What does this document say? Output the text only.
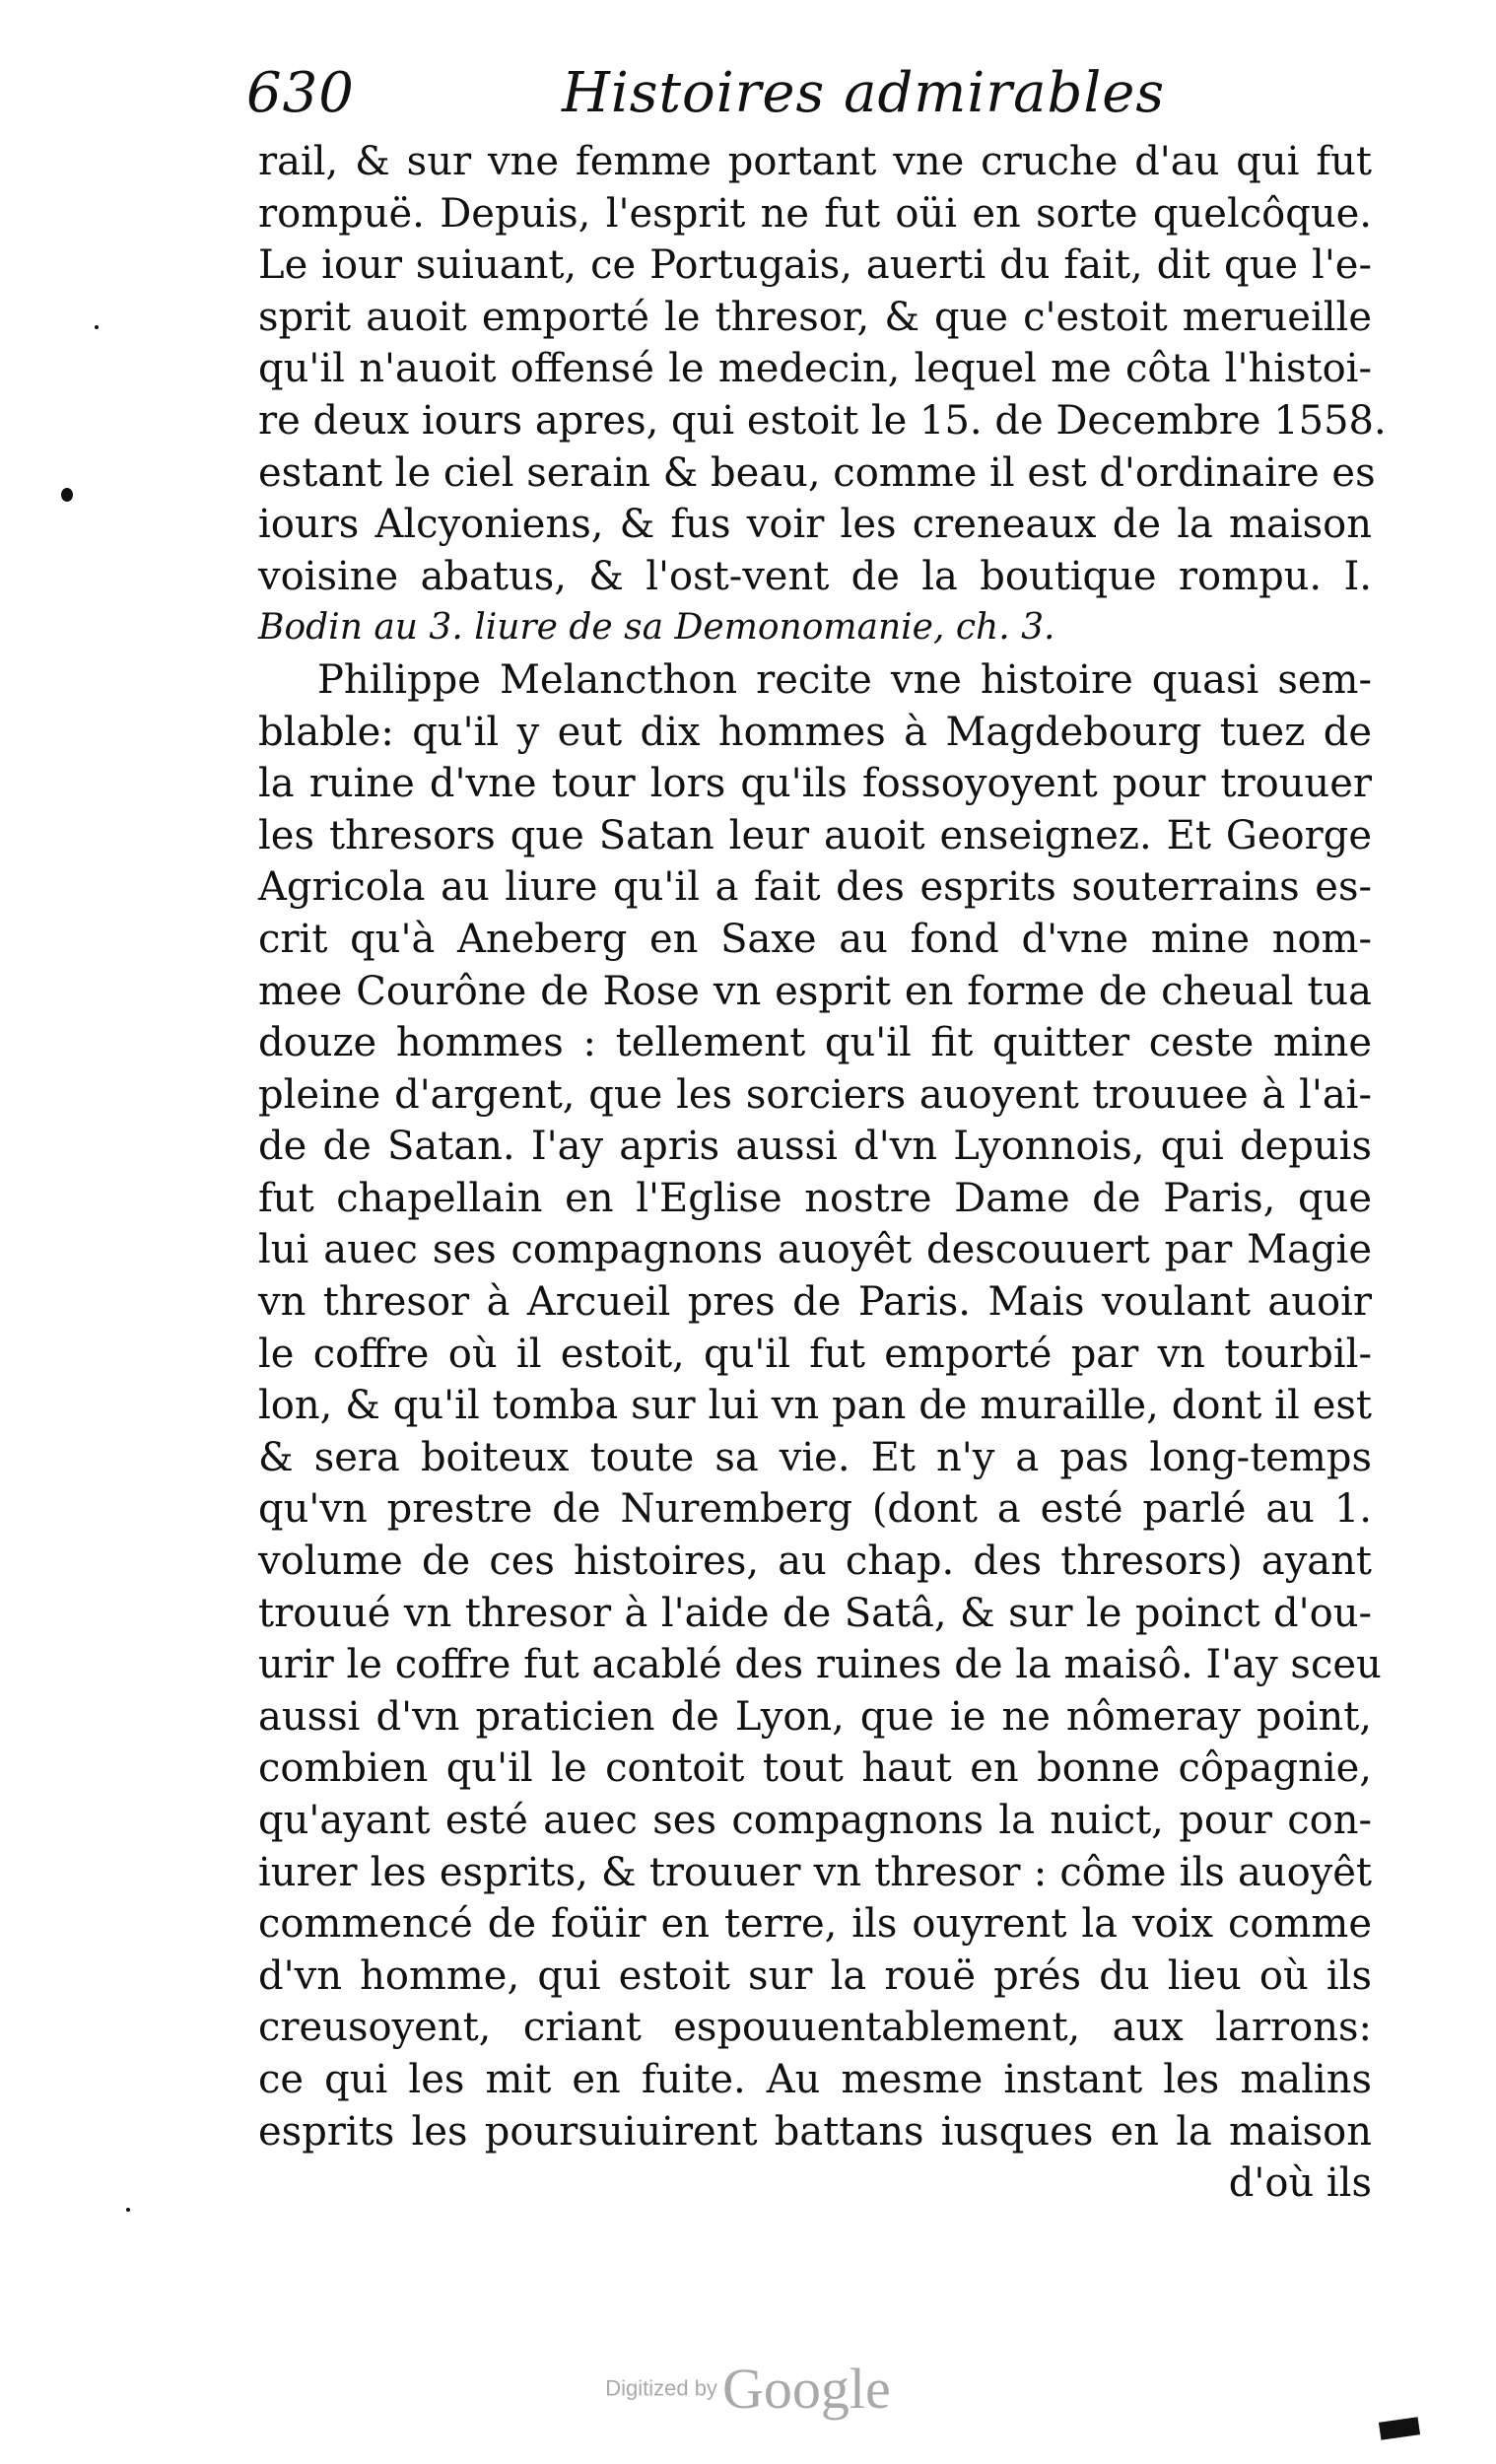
630	Histoires admirables
rail, & sur vne femme portant vne cruche d'au qui fut
rompuë. Depuis, l'esprit ne fut oüi en sorte quelcôque.
Le iour suiuant, ce Portugais, auerti du fait, dit que l'e-
sprit auoit emporté le thresor, & que c'estoit merueille
qu'il n'auoit offensé le medecin, lequel me côta l'histoi-
re deux iours apres, qui estoit le 15. de Decembre 1558.
estant le ciel serain & beau, comme il est d'ordinaire es
iours Alcyoniens, & fus voir les creneaux de la maison
voisine abatus, & l'ost-vent de la boutique rompu. I.
Bodin au 3. liure de sa Demonomanie, ch. 3.
Philippe Melancthon recite vne histoire quasi sem-
blable: qu'il y eut dix hommes à Magdebourg tuez de
la ruine d'vne tour lors qu'ils fossoyoyent pour trouuer
les thresors que Satan leur auoit enseignez. Et George
Agricola au liure qu'il a fait des esprits souterrains es-
crit qu'à Aneberg en Saxe au fond d'vne mine nom-
mee Courône de Rose vn esprit en forme de cheual tua
douze hommes : tellement qu'il fit quitter ceste mine
pleine d'argent, que les sorciers auoyent trouuee à l'ai-
de de Satan. I'ay apris aussi d'vn Lyonnois, qui depuis
fut chapellain en l'Eglise nostre Dame de Paris, que
lui auec ses compagnons auoyêt descouuert par Magie
vn thresor à Arcueil pres de Paris. Mais voulant auoir
le coffre où il estoit, qu'il fut emporté par vn tourbil-
lon, & qu'il tomba sur lui vn pan de muraille, dont il est
& sera boiteux toute sa vie. Et n'y a pas long-temps
qu'vn prestre de Nuremberg (dont a esté parlé au 1.
volume de ces histoires, au chap. des thresors) ayant
trouué vn thresor à l'aide de Satâ, & sur le poinct d'ou-
urir le coffre fut acablé des ruines de la maisô. I'ay sceu
aussi d'vn praticien de Lyon, que ie ne nômeray point,
combien qu'il le contoit tout haut en bonne côpagnie,
qu'ayant esté auec ses compagnons la nuict, pour con-
iurer les esprits, & trouuer vn thresor : côme ils auoyêt
commencé de foüir en terre, ils ouyrent la voix comme
d'vn homme, qui estoit sur la rouë prés du lieu où ils
creusoyent, criant espouuentablement, aux larrons:
ce qui les mit en fuite. Au mesme instant les malins
esprits les poursuiuirent battans iusques en la maison
d'où ils
Digitized by Google
